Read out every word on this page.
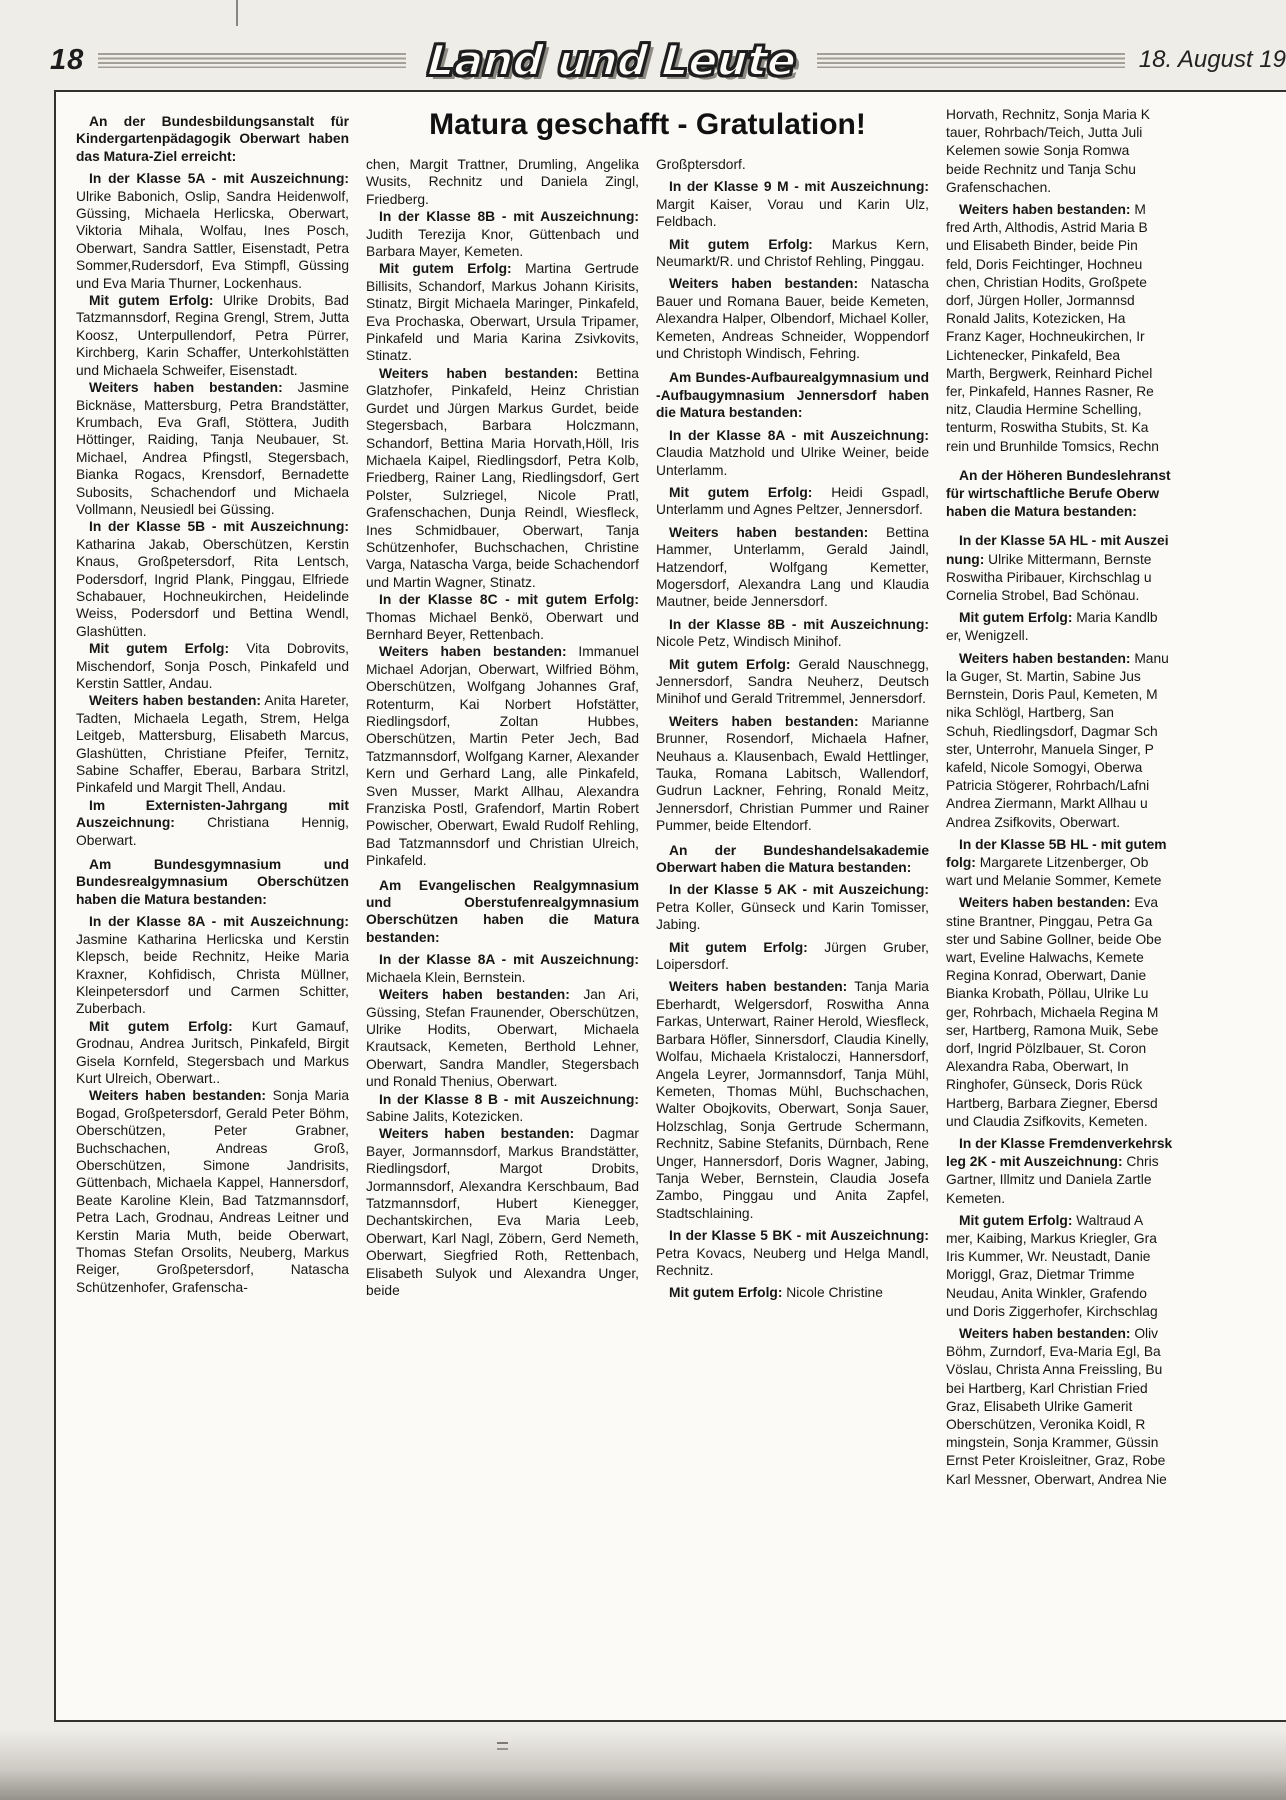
18	Land und Leute	18. August 19

An der Bundesbildungsanstalt für Kindergartenpädagogik Oberwart haben das Matura-Ziel erreicht:

In der Klasse 5A - mit Auszeichnung: Ulrike Babonich, Oslip, Sandra Heidenwolf, Güssing, Michaela Herlicska, Oberwart, Viktoria Mihala, Wolfau, Ines Posch, Oberwart, Sandra Sattler, Eisenstadt, Petra Sommer,Rudersdorf, Eva Stimpfl, Güssing und Eva Maria Thurner, Lockenhaus.

Mit gutem Erfolg: Ulrike Drobits, Bad Tatzmannsdorf, Regina Grengl, Strem, Jutta Koosz, Unterpullendorf, Petra Pürrer, Kirchberg, Karin Schaffer, Unterkohlstätten und Michaela Schweifer, Eisenstadt.

Weiters haben bestanden: Jasmine Bicknäse, Mattersburg, Petra Brandstätter, Krumbach, Eva Grafl, Stöttera, Judith Höttinger, Raiding, Tanja Neubauer, St. Michael, Andrea Pfingstl, Stegersbach, Bianka Rogacs, Krensdorf, Bernadette Subosits, Schachendorf und Michaela Vollmann, Neusiedl bei Güssing.

In der Klasse 5B - mit Auszeichnung: Katharina Jakab, Oberschützen, Kerstin Knaus, Großpetersdorf, Rita Lentsch, Podersdorf, Ingrid Plank, Pinggau, Elfriede Schabauer, Hochneukirchen, Heidelinde Weiss, Podersdorf und Bettina Wendl, Glashütten.

Mit gutem Erfolg: Vita Dobrovits, Mischendorf, Sonja Posch, Pinkafeld und Kerstin Sattler, Andau.

Weiters haben bestanden: Anita Hareter, Tadten, Michaela Legath, Strem, Helga Leitgeb, Mattersburg, Elisabeth Marcus, Glashütten, Christiane Pfeifer, Ternitz, Sabine Schaffer, Eberau, Barbara Stritzl, Pinkafeld und Margit Thell, Andau.

Im Externisten-Jahrgang mit Auszeichnung: Christiana Hennig, Oberwart.

Am Bundesgymnasium und Bundesrealgymnasium Oberschützen haben die Matura bestanden:

In der Klasse 8A - mit Auszeichnung: Jasmine Katharina Herlicska und Kerstin Klepsch, beide Rechnitz, Heike Maria Kraxner, Kohfidisch, Christa Müllner, Kleinpetersdorf und Carmen Schitter, Zuberbach.

Mit gutem Erfolg: Kurt Gamauf, Grodnau, Andrea Juritsch, Pinkafeld, Birgit Gisela Kornfeld, Stegersbach und Markus Kurt Ulreich, Oberwart..

Weiters haben bestanden: Sonja Maria Bogad, Großpetersdorf, Gerald Peter Böhm, Oberschützen, Peter Grabner, Buchschachen, Andreas Groß, Oberschützen, Simone Jandrisits, Güttenbach, Michaela Kappel, Hannersdorf, Beate Karoline Klein, Bad Tatzmannsdorf, Petra Lach, Grodnau, Andreas Leitner und Kerstin Maria Muth, beide Oberwart, Thomas Stefan Orsolits, Neuberg, Markus Reiger, Großpetersdorf, Natascha Schützenhofer, Grafenscha-

Matura geschafft - Gratulation!

chen, Margit Trattner, Drumling, Angelika Wusits, Rechnitz und Daniela Zingl, Friedberg.

In der Klasse 8B - mit Auszeichnung: Judith Terezija Knor, Güttenbach und Barbara Mayer, Kemeten.

Mit gutem Erfolg: Martina Gertrude Billisits, Schandorf, Markus Johann Kirisits, Stinatz, Birgit Michaela Maringer, Pinkafeld, Eva Prochaska, Oberwart, Ursula Tripamer, Pinkafeld und Maria Karina Zsivkovits, Stinatz.

Weiters haben bestanden: Bettina Glatzhofer, Pinkafeld, Heinz Christian Gurdet und Jürgen Markus Gurdet, beide Stegersbach, Barbara Holczmann, Schandorf, Bettina Maria Horvath,Höll, Iris Michaela Kaipel, Riedlingsdorf, Petra Kolb, Friedberg, Rainer Lang, Riedlingsdorf, Gert Polster, Sulzriegel, Nicole Pratl, Grafenschachen, Dunja Reindl, Wiesfleck, Ines Schmidbauer, Oberwart, Tanja Schützenhofer, Buchschachen, Christine Varga, Natascha Varga, beide Schachendorf und Martin Wagner, Stinatz.

In der Klasse 8C - mit gutem Erfolg: Thomas Michael Benkö, Oberwart und Bernhard Beyer, Rettenbach.

Weiters haben bestanden: Immanuel Michael Adorjan, Oberwart, Wilfried Böhm, Oberschützen, Wolfgang Johannes Graf, Rotenturm, Kai Norbert Hofstätter, Riedlingsdorf, Zoltan Hubbes, Oberschützen, Martin Peter Jech, Bad Tatzmannsdorf, Wolfgang Karner, Alexander Kern und Gerhard Lang, alle Pinkafeld, Sven Musser, Markt Allhau, Alexandra Franziska Postl, Grafendorf, Martin Robert Powischer, Oberwart, Ewald Rudolf Rehling, Bad Tatzmannsdorf und Christian Ulreich, Pinkafeld.

Am Evangelischen Realgymnasium und Oberstufenrealgymnasium Oberschützen haben die Matura bestanden:

In der Klasse 8A - mit Auszeichnung: Michaela Klein, Bernstein.

Weiters haben bestanden: Jan Ari, Güssing, Stefan Fraunender, Oberschützen, Ulrike Hodits, Oberwart, Michaela Krautsack, Kemeten, Berthold Lehner, Oberwart, Sandra Mandler, Stegersbach und Ronald Thenius, Oberwart.

In der Klasse 8 B - mit Auszeichnung: Sabine Jalits, Kotezicken.

Weiters haben bestanden: Dagmar Bayer, Jormannsdorf, Markus Brandstätter, Riedlingsdorf, Margot Drobits, Jormannsdorf, Alexandra Kerschbaum, Bad Tatzmannsdorf, Hubert Kienegger, Dechantskirchen, Eva Maria Leeb, Oberwart, Karl Nagl, Zöbern, Gerd Nemeth, Oberwart, Siegfried Roth, Rettenbach, Elisabeth Sulyok und Alexandra Unger, beide

Großptersdorf.

In der Klasse 9 M - mit Auszeichnung: Margit Kaiser, Vorau und Karin Ulz, Feldbach.

Mit gutem Erfolg: Markus Kern, Neumarkt/R. und Christof Rehling, Pinggau.

Weiters haben bestanden: Natascha Bauer und Romana Bauer, beide Kemeten, Alexandra Halper, Olbendorf, Michael Koller, Kemeten, Andreas Schneider, Woppendorf und Christoph Windisch, Fehring.

Am Bundes-Aufbaurealgymnasium und -Aufbaugymnasium Jennersdorf haben die Matura bestanden:

In der Klasse 8A - mit Auszeichnung: Claudia Matzhold und Ulrike Weiner, beide Unterlamm.

Mit gutem Erfolg: Heidi Gspadl, Unterlamm und Agnes Peltzer, Jennersdorf.

Weiters haben bestanden: Bettina Hammer, Unterlamm, Gerald Jaindl, Hatzendorf, Wolfgang Kemetter, Mogersdorf, Alexandra Lang und Klaudia Mautner, beide Jennersdorf.

In der Klasse 8B - mit Auszeichnung: Nicole Petz, Windisch Minihof.

Mit gutem Erfolg: Gerald Nauschnegg, Jennersdorf, Sandra Neuherz, Deutsch Minihof und Gerald Tritremmel, Jennersdorf.

Weiters haben bestanden: Marianne Brunner, Rosendorf, Michaela Hafner, Neuhaus a. Klausenbach, Ewald Hettlinger, Tauka, Romana Labitsch, Wallendorf, Gudrun Lackner, Fehring, Ronald Meitz, Jennersdorf, Christian Pummer und Rainer Pummer, beide Eltendorf.

An der Bundeshandelsakademie Oberwart haben die Matura bestanden:

In der Klasse 5 AK - mit Auszeichung: Petra Koller, Günseck und Karin Tomisser, Jabing.

Mit gutem Erfolg: Jürgen Gruber, Loipersdorf.

Weiters haben bestanden: Tanja Maria Eberhardt, Welgersdorf, Roswitha Anna Farkas, Unterwart, Rainer Herold, Wiesfleck, Barbara Höfler, Sinnersdorf, Claudia Kinelly, Wolfau, Michaela Kristaloczi, Hannersdorf, Angela Leyrer, Jormannsdorf, Tanja Mühl, Kemeten, Thomas Mühl, Buchschachen, Walter Obojkovits, Oberwart, Sonja Sauer, Holzschlag, Sonja Gertrude Schermann, Rechnitz, Sabine Stefanits, Dürnbach, Rene Unger, Hannersdorf, Doris Wagner, Jabing, Tanja Weber, Bernstein, Claudia Josefa Zambo, Pinggau und Anita Zapfel, Stadtschlaining.

In der Klasse 5 BK - mit Auszeichnung: Petra Kovacs, Neuberg und Helga Mandl, Rechnitz.

Mit gutem Erfolg: Nicole Christine

Horvath, Rechnitz, Sonja Maria K
tauer, Rohrbach/Teich, Jutta Juli
Kelemen sowie Sonja Romwa
beide Rechnitz und Tanja Schu
Grafenschachen.
Weiters haben bestanden: M
fred Arth, Althodis, Astrid Maria B
und Elisabeth Binder, beide Pin
feld, Doris Feichtinger, Hochneu
chen, Christian Hodits, Großpete
dorf, Jürgen Holler, Jormannsd
Ronald Jalits, Kotezicken, Ha
Franz Kager, Hochneukirchen, Ir
Lichtenecker, Pinkafeld, Bea
Marth, Bergwerk, Reinhard Pichel
fer, Pinkafeld, Hannes Rasner, Re
nitz, Claudia Hermine Schelling,
tenturm, Roswitha Stubits, St. Ka
rein und Brunhilde Tomsics, Rechn
An der Höheren Bundeslehranst
für wirtschaftliche Berufe Oberw
haben die Matura bestanden:
In der Klasse 5A HL - mit Auszei
nung: Ulrike Mittermann, Bernste
Roswitha Piribauer, Kirchschlag u
Cornelia Strobel, Bad Schönau.
Mit gutem Erfolg: Maria Kandlb
er, Wenigzell.
Weiters haben bestanden: Manu
la Guger, St. Martin, Sabine Jus
Bernstein, Doris Paul, Kemeten, M
nika Schlögl, Hartberg, San
Schuh, Riedlingsdorf, Dagmar Sch
ster, Unterrohr, Manuela Singer, P
kafeld, Nicole Somogyi, Oberwa
Patricia Stögerer, Rohrbach/Lafni
Andrea Ziermann, Markt Allhau u
Andrea Zsifkovits, Oberwart.
In der Klasse 5B HL - mit gutem
folg: Margarete Litzenberger, Ob
wart und Melanie Sommer, Kemete
Weiters haben bestanden: Eva
stine Brantner, Pinggau, Petra Ga
ster und Sabine Gollner, beide Obe
wart, Eveline Halwachs, Kemete
Regina Konrad, Oberwart, Danie
Bianka Krobath, Pöllau, Ulrike Lu
ger, Rohrbach, Michaela Regina M
ser, Hartberg, Ramona Muik, Sebe
dorf, Ingrid Pölzlbauer, St. Coron
Alexandra Raba, Oberwart, In
Ringhofer, Günseck, Doris Rück
Hartberg, Barbara Ziegner, Ebersd
und Claudia Zsifkovits, Kemeten.
In der Klasse Fremdenverkehrsk
leg 2K - mit Auszeichnung: Chris
Gartner, Illmitz und Daniela Zartle
Kemeten.
Mit gutem Erfolg: Waltraud A
mer, Kaibing, Markus Kriegler, Gra
Iris Kummer, Wr. Neustadt, Danie
Moriggl, Graz, Dietmar Trimme
Neudau, Anita Winkler, Grafendo
und Doris Ziggerhofer, Kirchschlag
Weiters haben bestanden: Oliv
Böhm, Zurndorf, Eva-Maria Egl, Ba
Vöslau, Christa Anna Freissling, Bu
bei Hartberg, Karl Christian Fried
Graz, Elisabeth Ulrike Gamerit
Oberschützen, Veronika Koidl, R
mingstein, Sonja Krammer, Güssin
Ernst Peter Kroisleitner, Graz, Robe
Karl Messner, Oberwart, Andrea Nie
